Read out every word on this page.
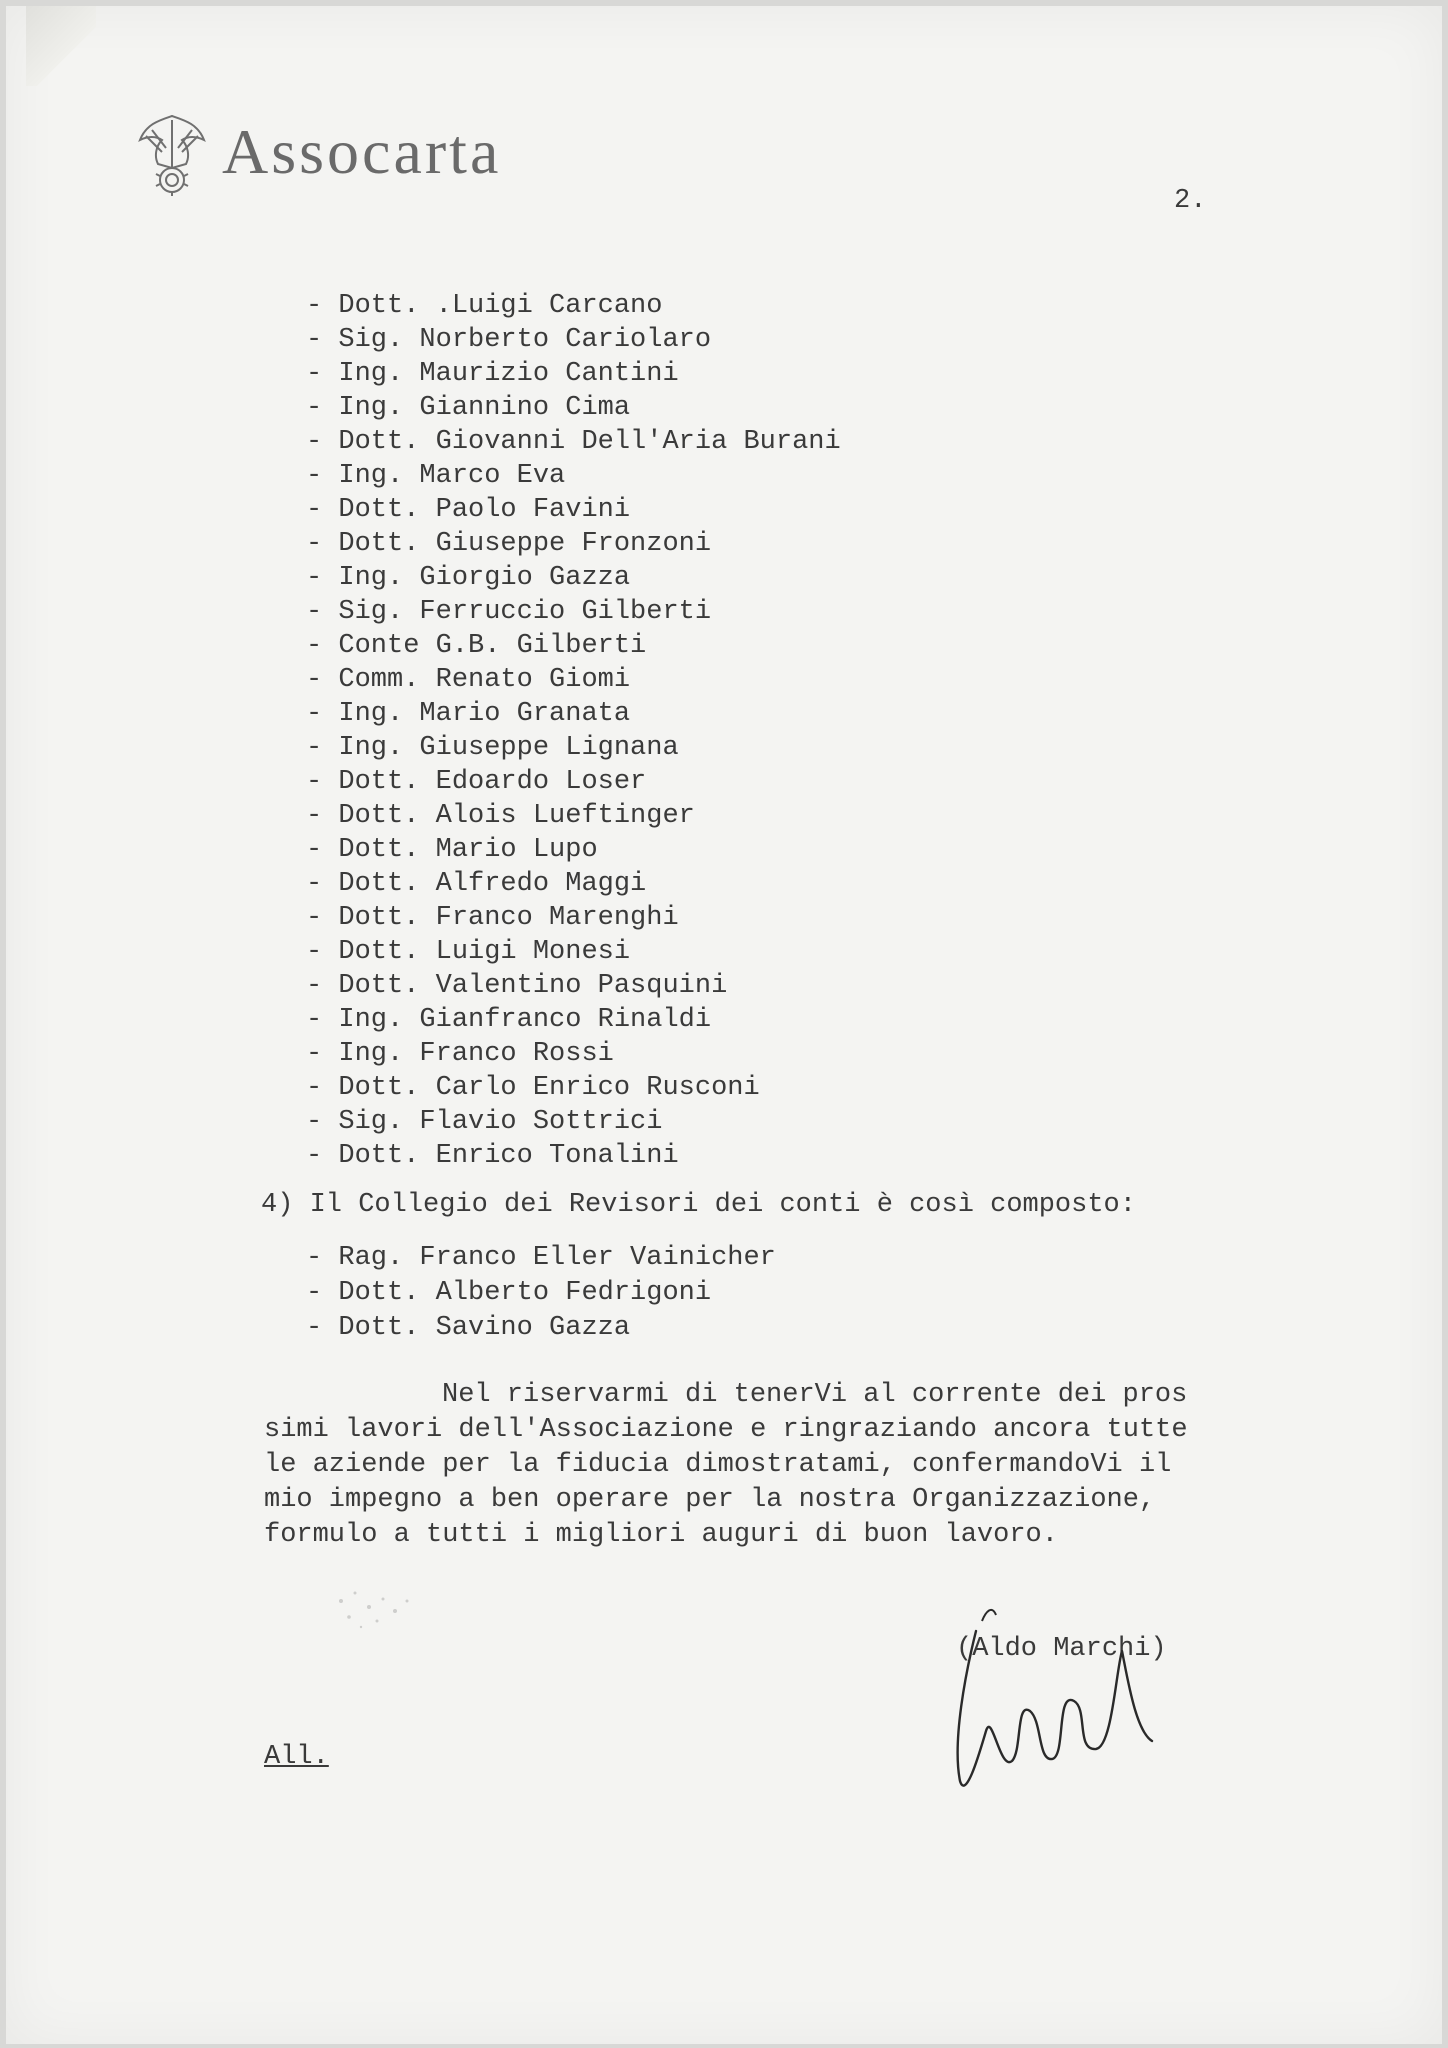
Assocarta
2.
- Dott. .Luigi Carcano
- Sig. Norberto Cariolaro
- Ing. Maurizio Cantini
- Ing. Giannino Cima
- Dott. Giovanni Dell'Aria Burani
- Ing. Marco Eva
- Dott. Paolo Favini
- Dott. Giuseppe Fronzoni
- Ing. Giorgio Gazza
- Sig. Ferruccio Gilberti
- Conte G.B. Gilberti
- Comm. Renato Giomi
- Ing. Mario Granata
- Ing. Giuseppe Lignana
- Dott. Edoardo Loser
- Dott. Alois Lueftinger
- Dott. Mario Lupo
- Dott. Alfredo Maggi
- Dott. Franco Marenghi
- Dott. Luigi Monesi
- Dott. Valentino Pasquini
- Ing. Gianfranco Rinaldi
- Ing. Franco Rossi
- Dott. Carlo Enrico Rusconi
- Sig. Flavio Sottrici
- Dott. Enrico Tonalini
4) Il Collegio dei Revisori dei conti è così composto:
- Rag. Franco Eller Vainicher
- Dott. Alberto Fedrigoni
- Dott. Savino Gazza
Nel riservarmi di tenerVi al corrente dei pros
simi lavori dell'Associazione e ringraziando ancora tutte
le aziende per la fiducia dimostratami, confermandoVi il
mio impegno a ben operare per la nostra Organizzazione,
formulo a tutti i migliori auguri di buon lavoro.
(Aldo Marchi)
All.
